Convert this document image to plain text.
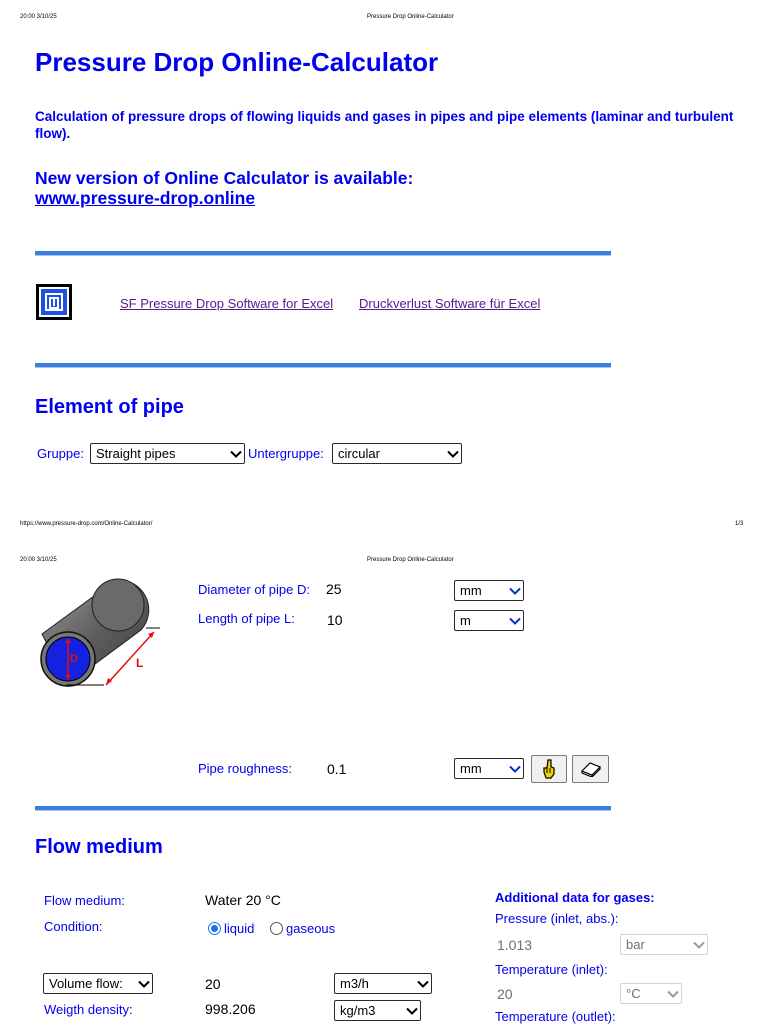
20:00 3/10/25	Pressure Drop Online-Calculator
Pressure Drop Online-Calculator

Calculation of pressure drops of flowing liquids and gases in pipes and pipe elements (laminar and turbulent flow).

New version of Online Calculator is available:
www.pressure-drop.online
SF Pressure Drop Software for Excel Druckverlust Software für Excel
Element of pipe
Gruppe: Straight pipes	Untergruppe: circular
https://www.pressure-drop.com/Online-Calculator/	1/3
20:00 3/10/25	Pressure Drop Online-Calculator
D	L
Diameter of pipe D: 25	mm
Length of pipe L: 10	m
Pipe roughness:	0.1	mm
Flow medium
Flow medium:	Water 20 °C
Condition:	liquid	gaseous
Volume flow:	20	m3/h
Weigth density:	998.206	kg/m3
Additional data for gases:
Pressure (inlet, abs.):
1.013	bar
Temperature (inlet):
20	°C
Temperature (outlet):
